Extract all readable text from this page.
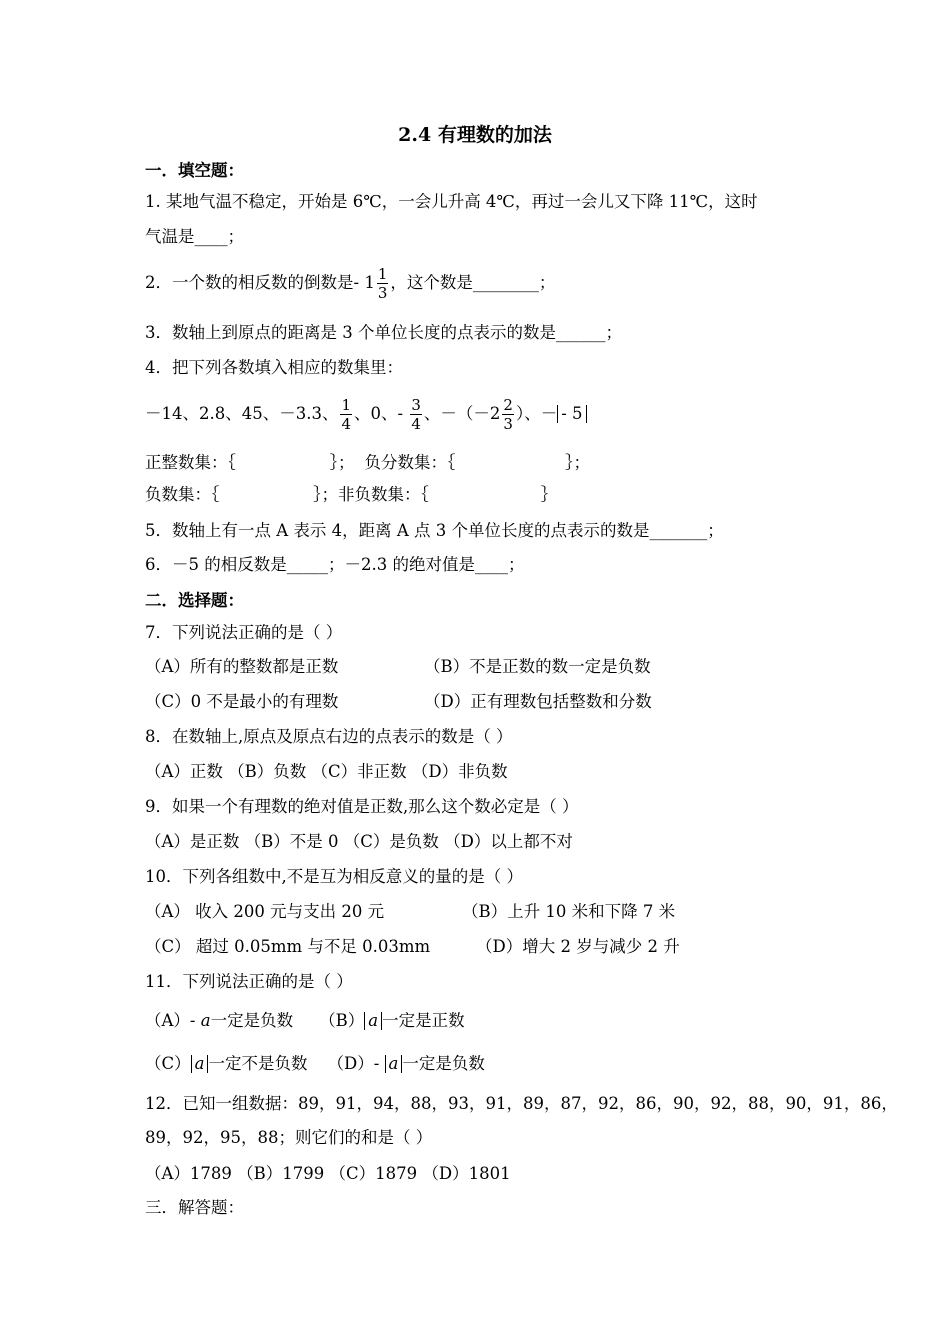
2.4 有理数的加法
一．填空题：
1. 某地气温不稳定，开始是 6℃，一会儿升高 4℃，再过一会儿又下降 11℃，这时
气温是____；
2．一个数的相反数的倒数是- $1 \frac{1}{3}$ ，这个数是________；
3．数轴上到原点的距离是 3 个单位长度的点表示的数是______；
4．把下列各数填入相应的数集里：
－14、2.8、45、－3.3、 $\frac{1}{4}$ 、0、- $\frac{3}{4}$ 、$-(-2 \frac{2}{3}$ ）、－ - 5
正整数集：｛	｝； 负分数集：｛	｝；
负数集：｛	｝；非负数集：｛	｝
5．数轴上有一点 A 表示 4，距离 A 点 3 个单位长度的点表示的数是_______；
6．－5 的相反数是_____；－2.3 的绝对值是____；
二．选择题：
7．下列说法正确的是（ ）
（A）所有的整数都是正数	（B）不是正数的数一定是负数
（C）0 不是最小的有理数	（D）正有理数包括整数和分数
8．在数轴上,原点及原点右边的点表示的数是（ ）
（A）正数 （B）负数 （C）非正数 （D）非负数
9．如果一个有理数的绝对值是正数,那么这个数必定是（ ）
（A）是正数 （B）不是 0 （C）是负数 （D）以上都不对
10．下列各组数中,不是互为相反意义的量的是（ ）
（A） 收入 200 元与支出 20 元	（B）上升 10 米和下降 7 米
（C） 超过 0.05mm 与不足 0.03mm	（D）增大 2 岁与减少 2 升
11．下列说法正确的是（ ）
（A）- a一定是负数 （B） a 一定是正数
（C） a 一定不是负数 （D）- a 一定是负数
12．已知一组数据：89，91，94，88，93，91，89，87，92，86，90，92，88，90，91，86，
89，92，95，88；则它们的和是（ ）
（A）1789 （B）1799 （C）1879 （D）1801
三．解答题：
